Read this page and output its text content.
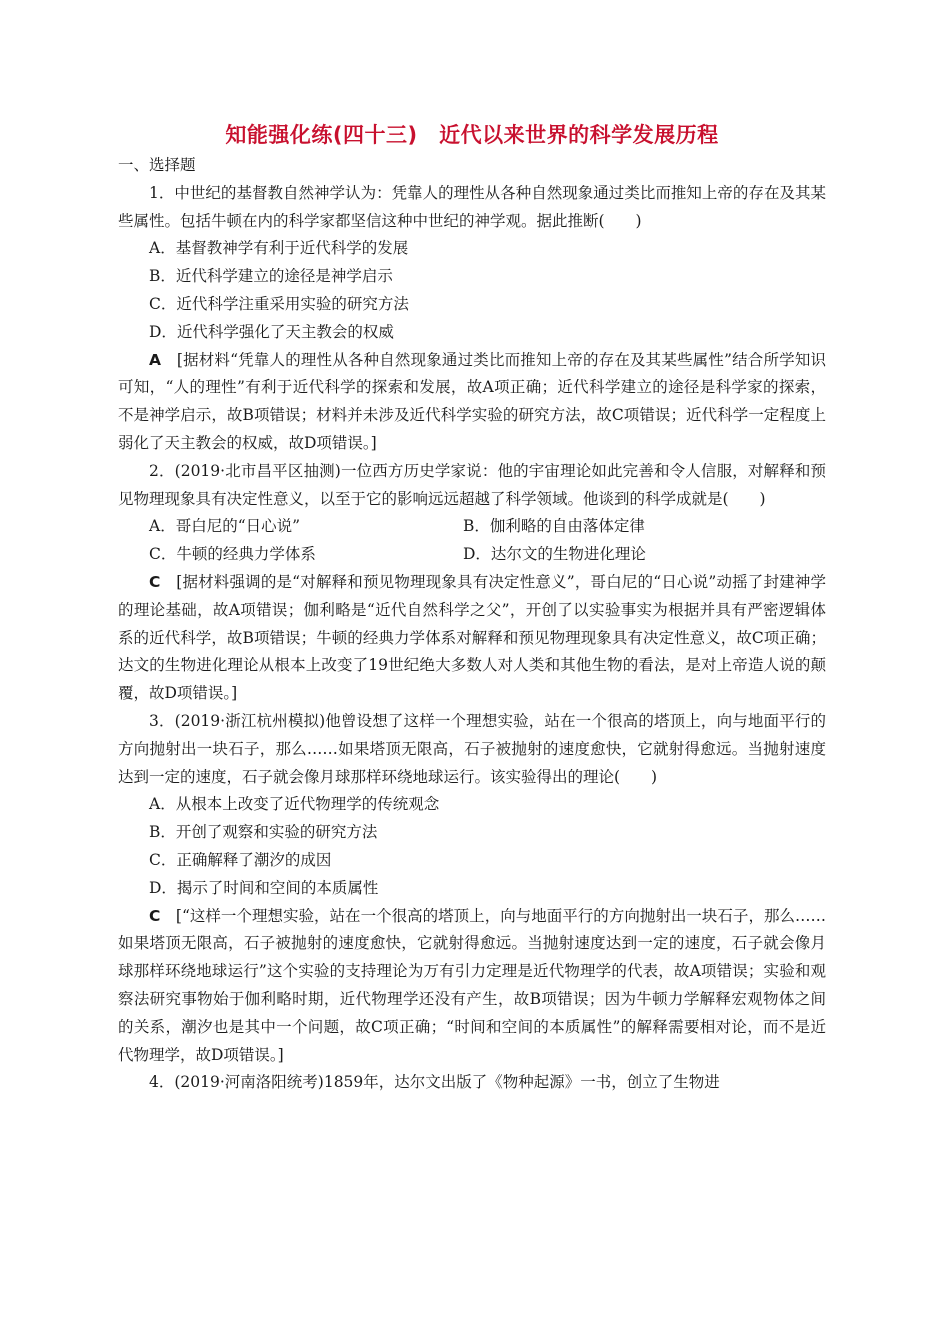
知能强化练(四十三)　近代以来世界的科学发展历程

一、选择题

1．中世纪的基督教自然神学认为：凭靠人的理性从各种自然现象通过类比而推知上帝的存在及其某些属性。包括牛顿在内的科学家都坚信这种中世纪的神学观。据此推断(　　)

A．基督教神学有利于近代科学的发展

B．近代科学建立的途径是神学启示

C．近代科学注重采用实验的研究方法

D．近代科学强化了天主教会的权威

A　[据材料“凭靠人的理性从各种自然现象通过类比而推知上帝的存在及其某些属性”结合所学知识可知，“人的理性”有利于近代科学的探索和发展，故A项正确；近代科学建立的途径是科学家的探索，不是神学启示，故B项错误；材料并未涉及近代科学实验的研究方法，故C项错误；近代科学一定程度上弱化了天主教会的权威，故D项错误。]

2．(2019·北市昌平区抽测)一位西方历史学家说：他的宇宙理论如此完善和令人信服，对解释和预见物理现象具有决定性意义，以至于它的影响远远超越了科学领域。他谈到的科学成就是(　　)

A．哥白尼的“日心说”	B．伽利略的自由落体定律
C．牛顿的经典力学体系	D．达尔文的生物进化理论

C　[据材料强调的是“对解释和预见物理现象具有决定性意义”，哥白尼的“日心说”动摇了封建神学的理论基础，故A项错误；伽利略是“近代自然科学之父”，开创了以实验事实为根据并具有严密逻辑体系的近代科学，故B项错误；牛顿的经典力学体系对解释和预见物理现象具有决定性意义，故C项正确；达文的生物进化理论从根本上改变了19世纪绝大多数人对人类和其他生物的看法，是对上帝造人说的颠覆，故D项错误。]

3．(2019·浙江杭州模拟)他曾设想了这样一个理想实验，站在一个很高的塔顶上，向与地面平行的方向抛射出一块石子，那么……如果塔顶无限高，石子被抛射的速度愈快，它就射得愈远。当抛射速度达到一定的速度，石子就会像月球那样环绕地球运行。该实验得出的理论(　　)

A．从根本上改变了近代物理学的传统观念

B．开创了观察和实验的研究方法

C．正确解释了潮汐的成因

D．揭示了时间和空间的本质属性

C　[“这样一个理想实验，站在一个很高的塔顶上，向与地面平行的方向抛射出一块石子，那么……如果塔顶无限高，石子被抛射的速度愈快，它就射得愈远。当抛射速度达到一定的速度，石子就会像月球那样环绕地球运行”这个实验的支持理论为万有引力定理是近代物理学的代表，故A项错误；实验和观察法研究事物始于伽利略时期，近代物理学还没有产生，故B项错误；因为牛顿力学解释宏观物体之间的关系，潮汐也是其中一个问题，故C项正确；“时间和空间的本质属性”的解释需要相对论，而不是近代物理学，故D项错误。]

4．(2019·河南洛阳统考)1859年，达尔文出版了《物种起源》一书，创立了生物进
